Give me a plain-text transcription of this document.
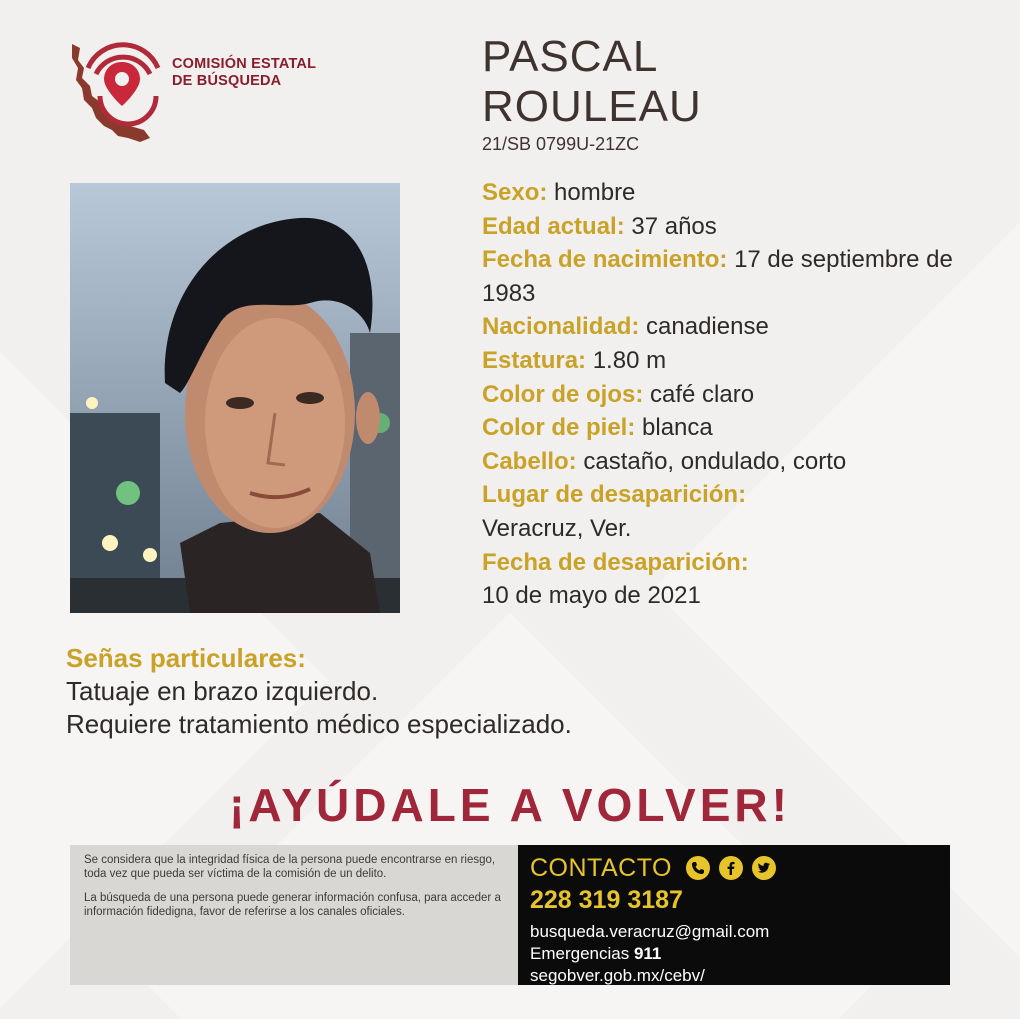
COMISIÓN ESTATAL
DE BÚSQUEDA	PASCAL
ROULEAU
21/SB 0799U-21ZC
Sexo: hombre
Edad actual: 37 años
Fecha de nacimiento: 17 de septiembre de 1983
Nacionalidad: canadiense
Estatura: 1.80 m
Color de ojos: café claro
Color de piel: blanca
Cabello: castaño, ondulado, corto
Lugar de desaparición:
Veracruz, Ver.
Fecha de desaparición:
10 de mayo de 2021
Señas particulares:
Tatuaje en brazo izquierdo.
Requiere tratamiento médico especializado.
¡AYÚDALE A VOLVER!

Se considera que la integridad física de la persona puede encontrarse en riesgo, toda vez que pueda ser víctima de la comisión de un delito.

La búsqueda de una persona puede generar información confusa, para acceder a información fidedigna, favor de referirse a los canales oficiales.

CONTACTO
228 319 3187
busqueda.veracruz@gmail.com
Emergencias 911
segobver.gob.mx/cebv/
